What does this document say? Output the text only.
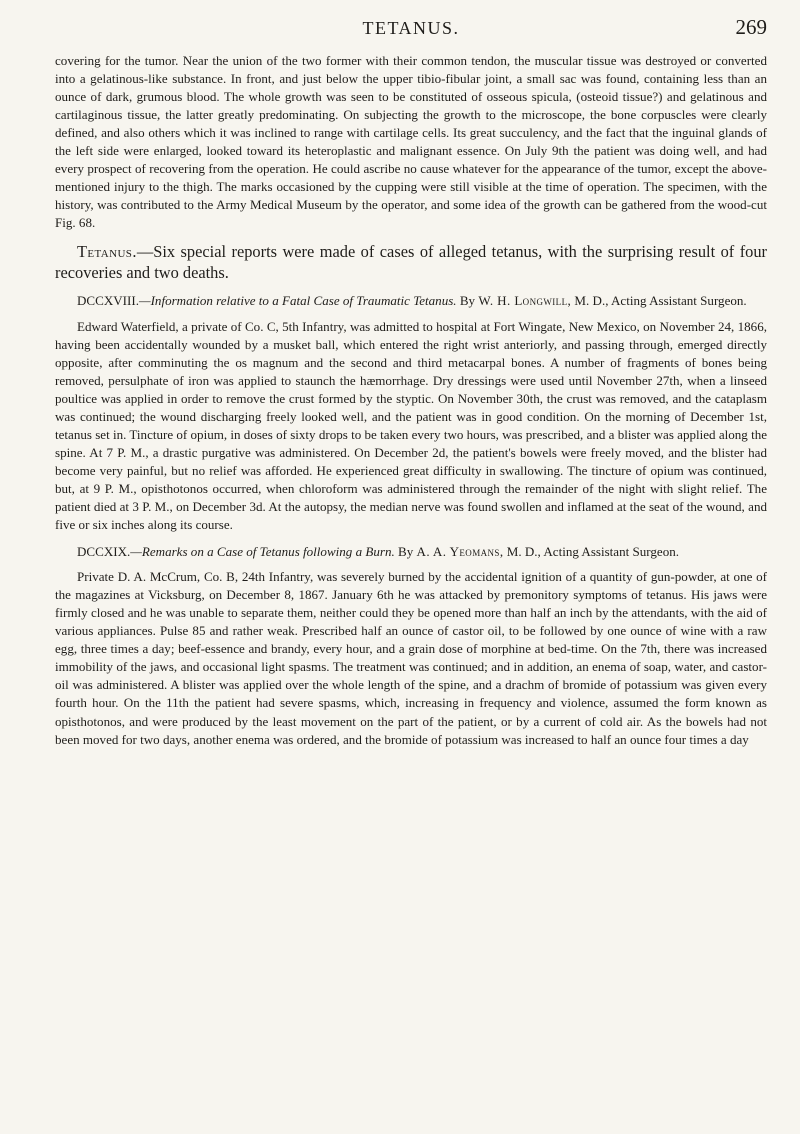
TETANUS.	269

covering for the tumor. Near the union of the two former with their common tendon, the muscular tissue was destroyed or converted into a gelatinous-like substance. In front, and just below the upper tibio-fibular joint, a small sac was found, containing less than an ounce of dark, grumous blood. The whole growth was seen to be constituted of osseous spicula, (osteoid tissue?) and gelatinous and cartilaginous tissue, the latter greatly predominating. On subjecting the growth to the microscope, the bone corpuscles were clearly defined, and also others which it was inclined to range with cartilage cells. Its great succulency, and the fact that the inguinal glands of the left side were enlarged, looked toward its heteroplastic and malignant essence. On July 9th the patient was doing well, and had every prospect of recovering from the operation. He could ascribe no cause whatever for the appearance of the tumor, except the above-mentioned injury to the thigh. The marks occasioned by the cupping were still visible at the time of operation. The specimen, with the history, was contributed to the Army Medical Museum by the operator, and some idea of the growth can be gathered from the wood-cut Fig. 68.

Tetanus.—Six special reports were made of cases of alleged tetanus, with the surprising result of four recoveries and two deaths.

DCCXVIII.—Information relative to a Fatal Case of Traumatic Tetanus. By W. H. Longwill, M. D., Acting Assistant Surgeon.

Edward Waterfield, a private of Co. C, 5th Infantry, was admitted to hospital at Fort Wingate, New Mexico, on November 24, 1866, having been accidentally wounded by a musket ball, which entered the right wrist anteriorly, and passing through, emerged directly opposite, after comminuting the os magnum and the second and third metacarpal bones. A number of fragments of bones being removed, persulphate of iron was applied to staunch the hæmorrhage. Dry dressings were used until November 27th, when a linseed poultice was applied in order to remove the crust formed by the styptic. On November 30th, the crust was removed, and the cataplasm was continued; the wound discharging freely looked well, and the patient was in good condition. On the morning of December 1st, tetanus set in. Tincture of opium, in doses of sixty drops to be taken every two hours, was prescribed, and a blister was applied along the spine. At 7 P. M., a drastic purgative was administered. On December 2d, the patient's bowels were freely moved, and the blister had become very painful, but no relief was afforded. He experienced great difficulty in swallowing. The tincture of opium was continued, but, at 9 P. M., opisthotonos occurred, when chloroform was administered through the remainder of the night with slight relief. The patient died at 3 P. M., on December 3d. At the autopsy, the median nerve was found swollen and inflamed at the seat of the wound, and five or six inches along its course.

DCCXIX.—Remarks on a Case of Tetanus following a Burn. By A. A. Yeomans, M. D., Acting Assistant Surgeon.

Private D. A. McCrum, Co. B, 24th Infantry, was severely burned by the accidental ignition of a quantity of gun-powder, at one of the magazines at Vicksburg, on December 8, 1867. January 6th he was attacked by premonitory symptoms of tetanus. His jaws were firmly closed and he was unable to separate them, neither could they be opened more than half an inch by the attendants, with the aid of various appliances. Pulse 85 and rather weak. Prescribed half an ounce of castor oil, to be followed by one ounce of wine with a raw egg, three times a day; beef-essence and brandy, every hour, and a grain dose of morphine at bed-time. On the 7th, there was increased immobility of the jaws, and occasional light spasms. The treatment was continued; and in addition, an enema of soap, water, and castor-oil was administered. A blister was applied over the whole length of the spine, and a drachm of bromide of potassium was given every fourth hour. On the 11th the patient had severe spasms, which, increasing in frequency and violence, assumed the form known as opisthotonos, and were produced by the least movement on the part of the patient, or by a current of cold air. As the bowels had not been moved for two days, another enema was ordered, and the bromide of potassium was increased to half an ounce four times a day
